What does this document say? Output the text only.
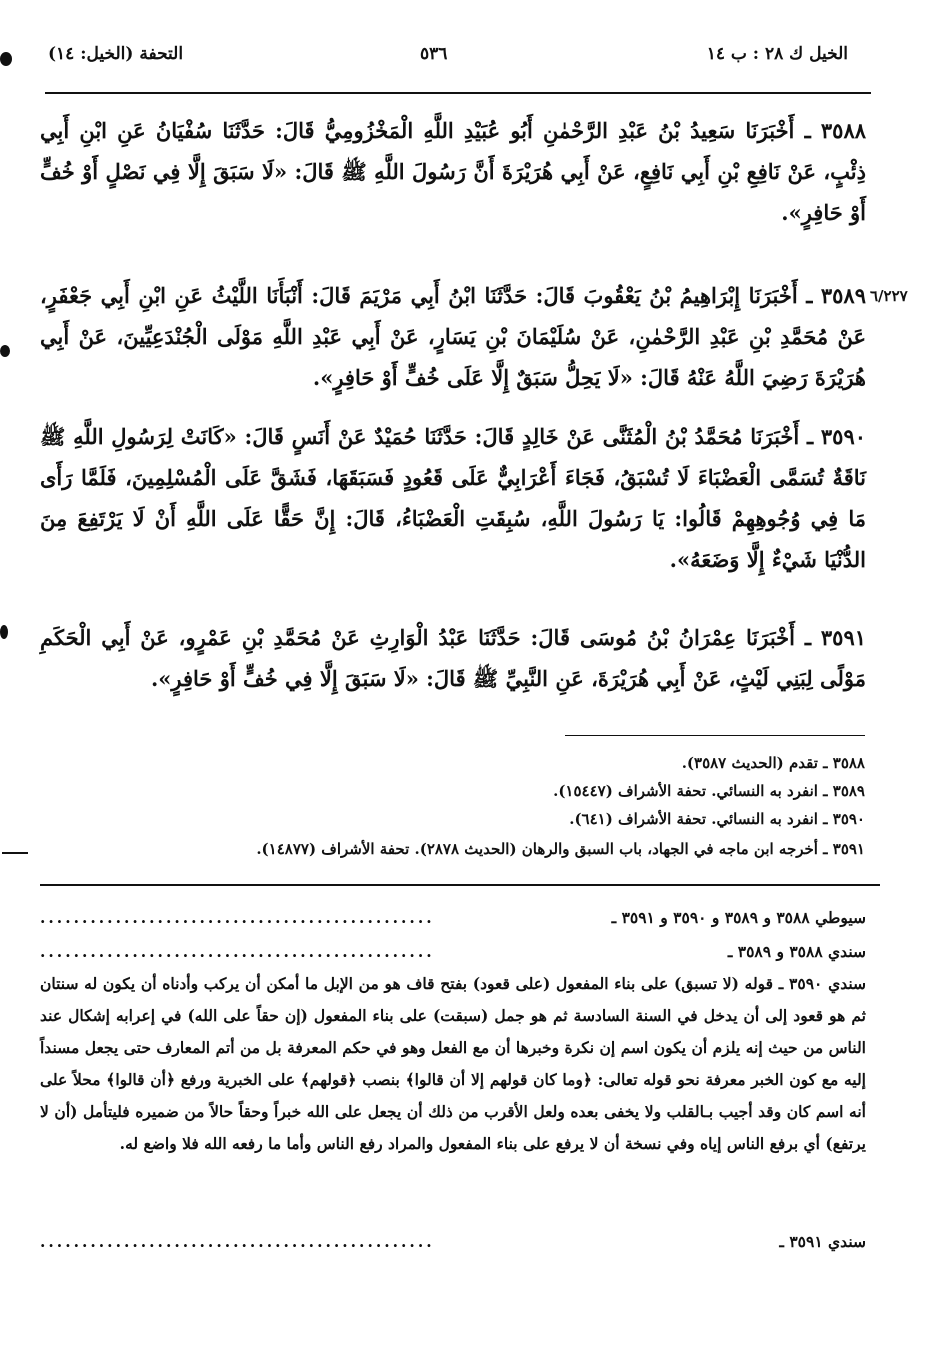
الخيل ك ٢٨ : ب ١٤
٥٣٦
التحفة (الخيل: ١٤)
٦/٢٢٧
٣٥٨٨ ـ أَخْبَرَنَا سَعِيدُ بْنُ عَبْدِ الرَّحْمٰنِ أَبُو عُبَيْدِ اللَّهِ الْمَخْزُومِيُّ قَالَ: حَدَّثَنَا سُفْيَانُ عَنِ ابْنِ أَبِي ذِئْبٍ، عَنْ نَافِعِ بْنِ أَبِي نَافِعٍ، عَنْ أَبِي هُرَيْرَةَ أَنَّ رَسُولَ اللَّهِ ﷺ قَالَ: «لَا سَبَقَ إِلَّا فِي نَصْلٍ أَوْ خُفٍّ أَوْ حَافِرٍ».
٣٥٨٩ ـ أَخْبَرَنَا إِبْرَاهِيمُ بْنُ يَعْقُوبَ قَالَ: حَدَّثَنَا ابْنُ أَبِي مَرْيَمَ قَالَ: أَنْبَأَنَا اللَّيْثُ عَنِ ابْنِ أَبِي جَعْفَرٍ، عَنْ مُحَمَّدِ بْنِ عَبْدِ الرَّحْمٰنِ، عَنْ سُلَيْمَانَ بْنِ يَسَارٍ، عَنْ أَبِي عَبْدِ اللَّهِ مَوْلَى الْجُنْدَعِيِّينَ، عَنْ أَبِي هُرَيْرَةَ رَضِيَ اللَّهُ عَنْهُ قَالَ: «لَا يَحِلُّ سَبَقٌ إِلَّا عَلَى خُفٍّ أَوْ حَافِرٍ».
٣٥٩٠ ـ أَخْبَرَنَا مُحَمَّدُ بْنُ الْمُثَنَّى عَنْ خَالِدٍ قَالَ: حَدَّثَنَا حُمَيْدٌ عَنْ أَنَسٍ قَالَ: «كَانَتْ لِرَسُولِ اللَّهِ ﷺ نَاقَةٌ تُسَمَّى الْعَضْبَاءَ لَا تُسْبَقُ، فَجَاءَ أَعْرَابِيٌّ عَلَى قَعُودٍ فَسَبَقَهَا، فَشَقَّ عَلَى الْمُسْلِمِينَ، فَلَمَّا رَأَى مَا فِي وُجُوهِهِمْ قَالُوا: يَا رَسُولَ اللَّهِ، سُبِقَتِ الْعَضْبَاءُ، قَالَ: إِنَّ حَقًّا عَلَى اللَّهِ أَنْ لَا يَرْتَفِعَ مِنَ الدُّنْيَا شَيْءٌ إِلَّا وَضَعَهُ».
٣٥٩١ ـ أَخْبَرَنَا عِمْرَانُ بْنُ مُوسَى قَالَ: حَدَّثَنَا عَبْدُ الْوَارِثِ عَنْ مُحَمَّدِ بْنِ عَمْرٍو، عَنْ أَبِي الْحَكَمِ مَوْلًى لِبَنِي لَيْثٍ، عَنْ أَبِي هُرَيْرَةَ، عَنِ النَّبِيِّ ﷺ قَالَ: «لَا سَبَقَ إِلَّا فِي خُفٍّ أَوْ حَافِرٍ».
٣٥٨٨ ـ تقدم (الحديث ٣٥٨٧).
٣٥٨٩ ـ انفرد به النسائي. تحفة الأشراف (١٥٤٤٧).
٣٥٩٠ ـ انفرد به النسائي. تحفة الأشراف (٦٤١).
٣٥٩١ ـ أخرجه ابن ماجه في الجهاد، باب السبق والرهان (الحديث ٢٨٧٨). تحفة الأشراف (١٤٨٧٧).
...............................................	سيوطي ٣٥٨٨ و ٣٥٨٩ و ٣٥٩٠ و ٣٥٩١ ـ
...............................................	سندي ٣٥٨٨ و ٣٥٨٩ ـ
سندي ٣٥٩٠ ـ قوله (لا تسبق) على بناء المفعول (على قعود) بفتح قاف هو من الإبل ما أمكن أن يركب وأدناه أن يكون له سنتان ثم هو قعود إلى أن يدخل في السنة السادسة ثم هو جمل (سبقت) على بناء المفعول (إن حقاً على الله) في إعرابه إشكال عند الناس من حيث إنه يلزم أن يكون اسم إن نكرة وخبرها أن مع الفعل وهو في حكم المعرفة بل من أتم المعارف حتى يجعل مسنداً إليه مع كون الخبر معرفة نحو قوله تعالى: ﴿وما كان قولهم إلا أن قالوا﴾ بنصب ﴿قولهم﴾ على الخبرية ورفع ﴿أن قالوا﴾ محلاً على أنه اسم كان وقد أجيب بـالقلب ولا يخفى بعده ولعل الأقرب من ذلك أن يجعل على الله خبراً وحقاً حالاً من ضميره فليتأمل (أن لا يرتفع) أي برفع الناس إياه وفي نسخة أن لا يرفع على بناء المفعول والمراد رفع الناس وأما ما رفعه الله فلا واضع له.
...............................................	سندي ٣٥٩١ ـ
